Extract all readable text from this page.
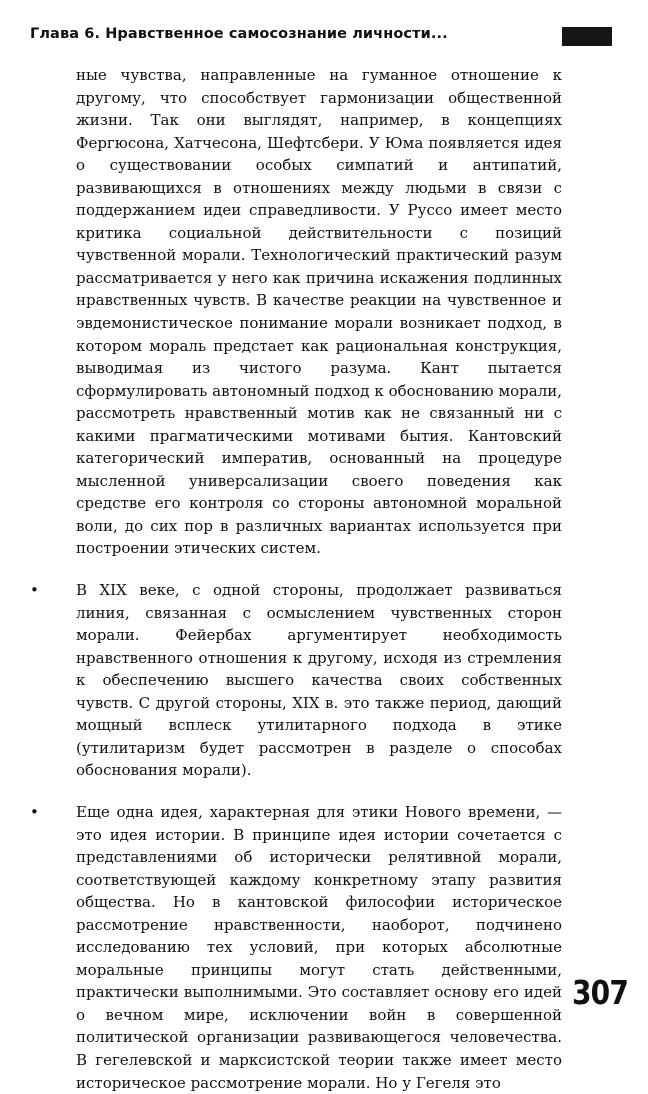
Глава 6. Нравственное самосознание личности...

ные чувства, направленные на гуманное отношение к другому, что способствует гармонизации общественной жизни. Так они выглядят, например, в концепциях Фергюсона, Хатчесона, Шефтсбери. У Юма появляется идея о существовании особых симпатий и антипатий, развивающихся в отношениях между людьми в связи с поддержанием идеи справедливости. У Руссо имеет место критика социальной действительности с позиций чувственной морали. Технологический практический разум рассматривается у него как причина искажения подлинных нравственных чувств. В качестве реакции на чувственное и эвдемонистическое понимание морали возникает подход, в котором мораль предстает как рациональная конструкция, выводимая из чистого разума. Кант пытается сформулировать автономный подход к обоснованию морали, рассмотреть нравственный мотив как не связанный ни с какими прагматическими мотивами бытия. Кантовский категорический императив, основанный на процедуре мысленной универсализации своего поведения как средстве его контроля со стороны автономной моральной воли, до сих пор в различных вариантах используется при построении этических систем.

• В XIX веке, с одной стороны, продолжает развиваться линия, связанная с осмыслением чувственных сторон морали. Фейербах аргументирует необходимость нравственного отношения к другому, исходя из стремления к обеспечению высшего качества своих собственных чувств. С другой стороны, XIX в. это также период, дающий мощный всплеск утилитарного подхода в этике (утилитаризм будет рассмотрен в разделе о способах обоснования морали).

• Еще одна идея, характерная для этики Нового времени, — это идея истории. В принципе идея истории сочетается с представлениями об исторически релятивной морали, соответствующей каждому конкретному этапу развития общества. Но в кантовской философии историческое рассмотрение нравственности, наоборот, подчинено исследованию тех условий, при которых абсолютные моральные принципы могут стать действенными, практически выполнимыми. Это составляет основу его идей о вечном мире, исключении войн в совершенной политической организации развивающегося человечества. В гегелевской и марксистской теории также имеет место историческое рассмотрение морали. Но у Гегеля это

307
